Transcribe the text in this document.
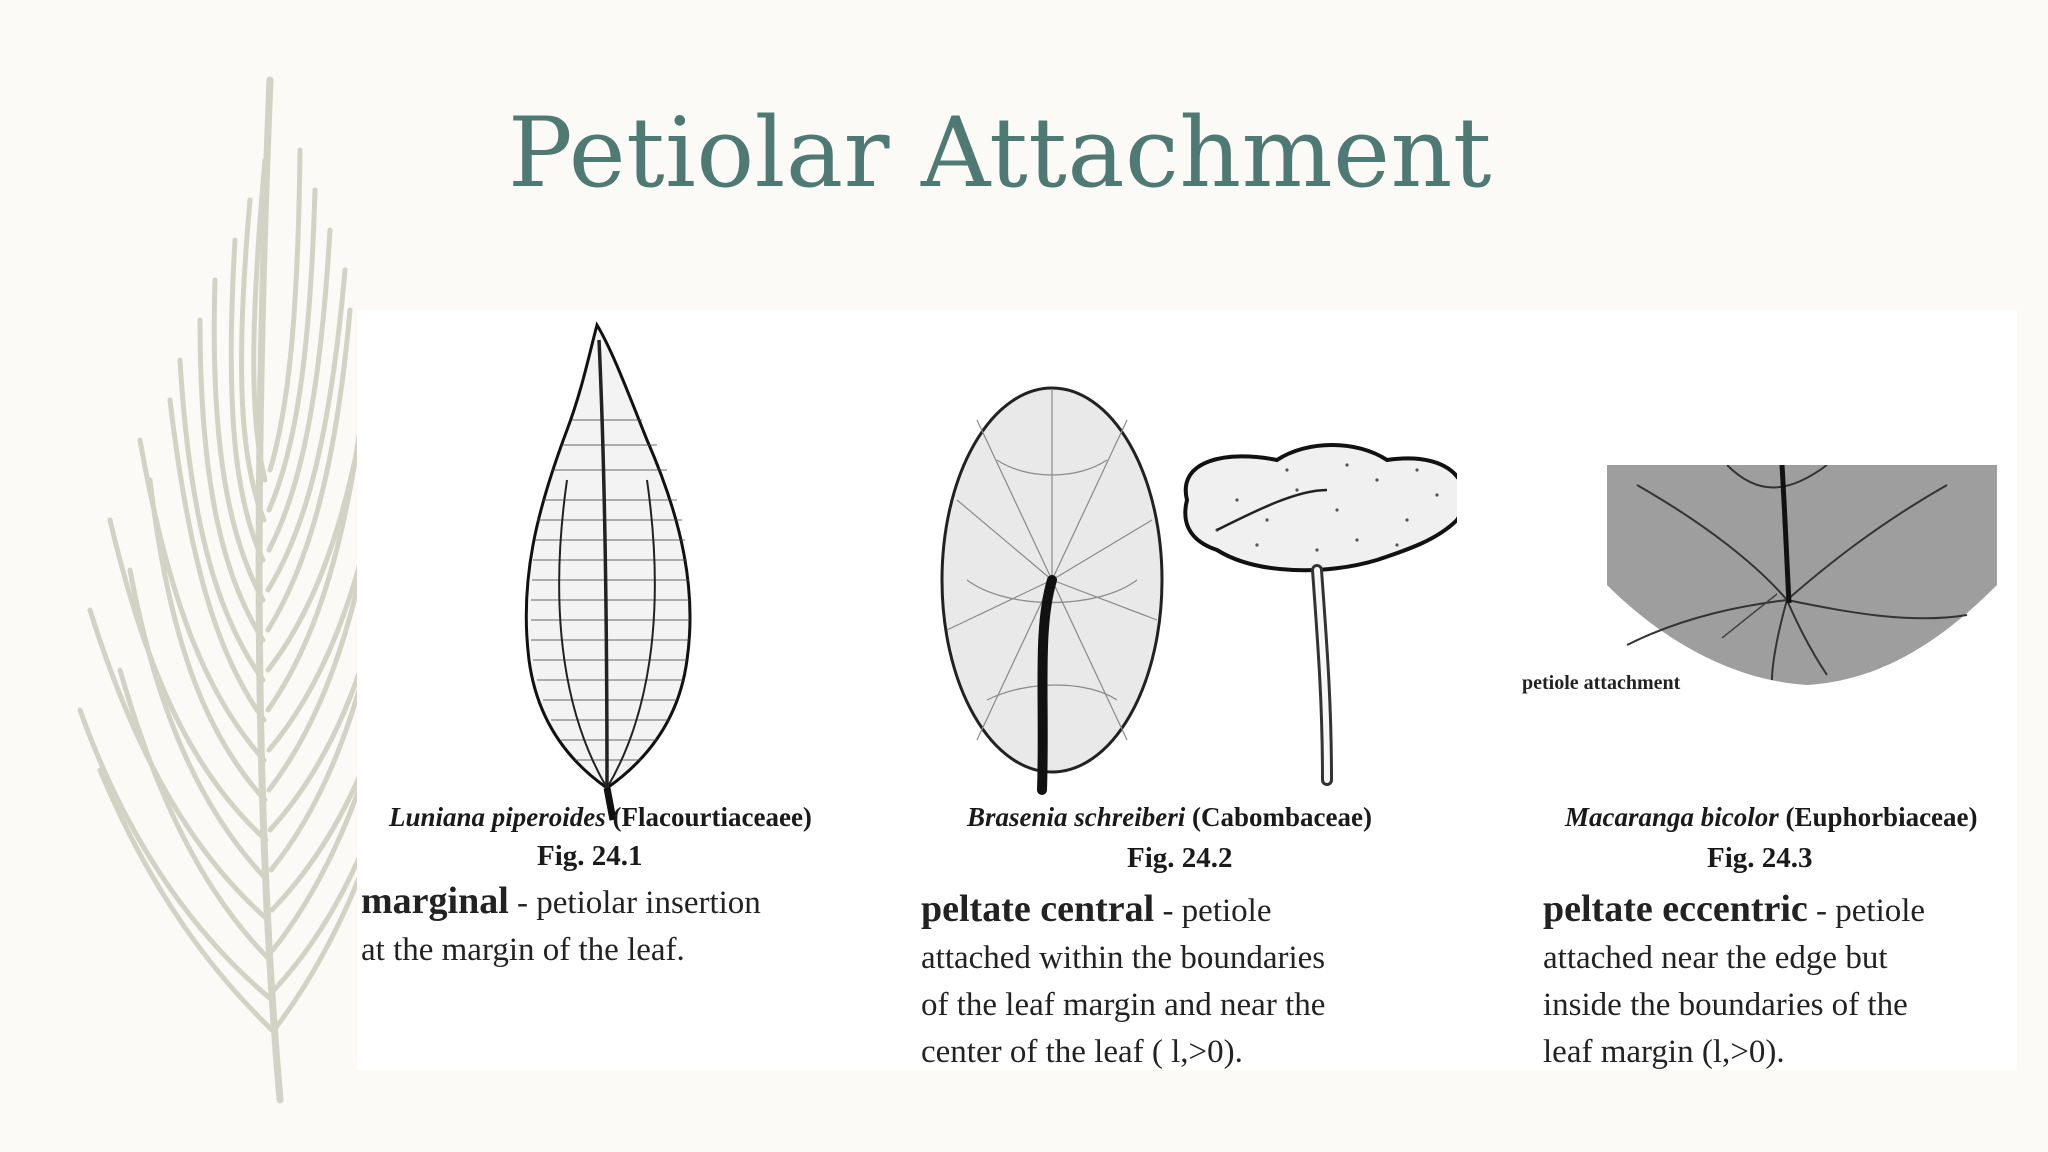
Petiolar Attachment
Luniana piperoides (Flacourtiaceaee)
Fig. 24.1
marginal - petiolar insertion
at the margin of the leaf.
Brasenia schreiberi (Cabombaceae)
Fig. 24.2
peltate central - petiole
attached within the boundaries
of the leaf margin and near the
center of the leaf ( l,>0).
petiole attachment
Macaranga bicolor (Euphorbiaceae)
Fig. 24.3
peltate eccentric - petiole
attached near the edge but
inside the boundaries of the
leaf margin (l,>0).
